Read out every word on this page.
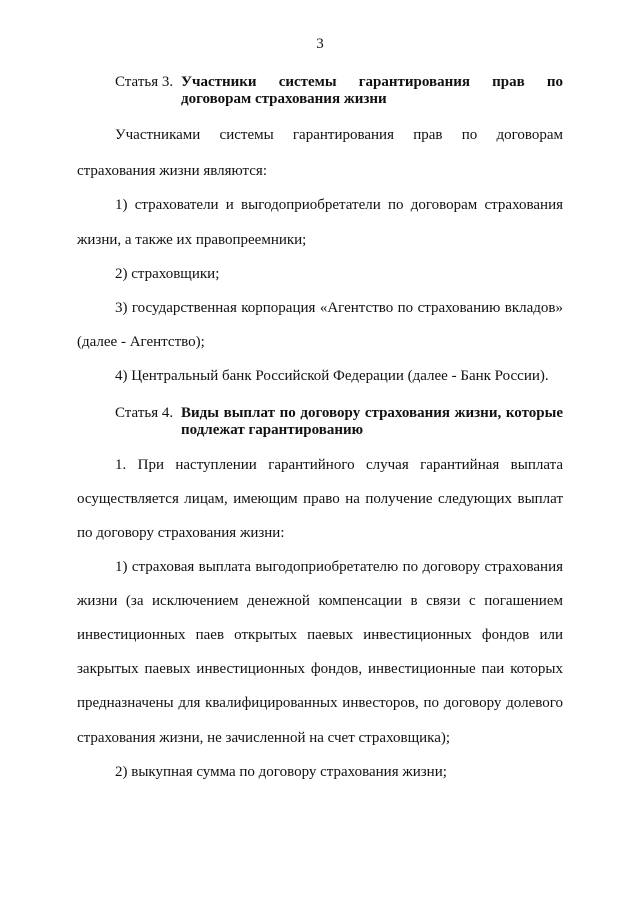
3
Статья 3. Участники системы гарантирования прав по договорам страхования жизни
Участниками системы гарантирования прав по договорам
страхования жизни являются:
1) страхователи и выгодоприобретатели по договорам страхования
жизни, а также их правопреемники;
2) страховщики;
3) государственная корпорация «Агентство по страхованию вкладов»
(далее - Агентство);
4) Центральный банк Российской Федерации (далее - Банк России).
Статья 4. Виды выплат по договору страхования жизни, которые подлежат гарантированию
1. При наступлении гарантийного случая гарантийная выплата
осуществляется лицам, имеющим право на получение следующих выплат
по договору страхования жизни:
1) страховая выплата выгодоприобретателю по договору страхования
жизни (за исключением денежной компенсации в связи с погашением
инвестиционных паев открытых паевых инвестиционных фондов или
закрытых паевых инвестиционных фондов, инвестиционные паи которых
предназначены для квалифицированных инвесторов, по договору долевого
страхования жизни, не зачисленной на счет страховщика);
2) выкупная сумма по договору страхования жизни;
